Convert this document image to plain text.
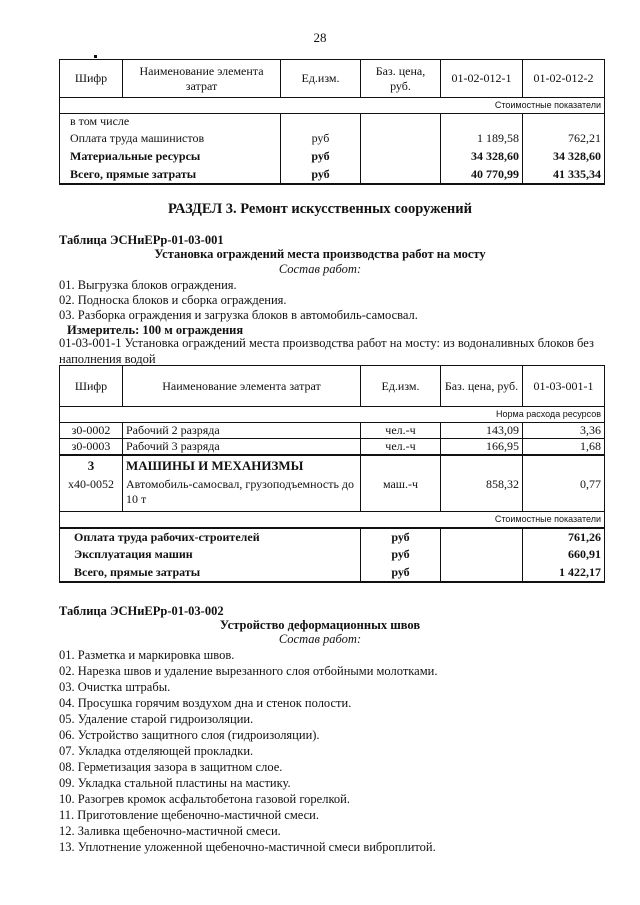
28
Шифр	Наименование элемента затрат	Ед.изм.	Баз. цена, руб.	01-02-012-1	01-02-012-2
Стоимостные показатели					
в том числе					
Оплата труда машинистов		руб		1 189,58	762,21
Материальные ресурсы		руб		34 328,60	34 328,60
Всего, прямые затраты		руб		40 770,99	41 335,34
РАЗДЕЛ 3. Ремонт искусственных сооружений
Таблица ЭСНиЕРр-01-03-001
Установка ограждений места производства работ на мосту
Состав работ:
01. Выгрузка блоков ограждения.
02. Подноска блоков и сборка ограждения.
03. Разборка ограждения и загрузка блоков в автомобиль-самосвал.
Измеритель: 100 м ограждения
01-03-001-1 Установка ограждений места производства работ на мосту: из водоналивных блоков без наполнения водой
Шифр	Наименование элемента затрат	Ед.изм.	Баз. цена, руб.	01-03-001-1
Норма расхода ресурсов				
з0-0002	Рабочий 2 разряда	чел.-ч	143,09	3,36
з0-0003	Рабочий 3 разряда	чел.-ч	166,95	1,68
3	МАШИНЫ И МЕХАНИЗМЫ			
х40-0052	Автомобиль-самосвал, грузоподъемность до 10 т	маш.-ч	858,32	0,77
Стоимостные показатели				
Оплата труда рабочих-строителей		руб		761,26
Эксплуатация машин		руб		660,91
Всего, прямые затраты		руб		1 422,17
Таблица ЭСНиЕРр-01-03-002
Устройство деформационных швов
Состав работ:
01. Разметка и маркировка швов.
02. Нарезка швов и удаление вырезанного слоя отбойными молотками.
03. Очистка штрабы.
04. Просушка горячим воздухом дна и стенок полости.
05. Удаление старой гидроизоляции.
06. Устройство защитного слоя (гидроизоляции).
07. Укладка отделяющей прокладки.
08. Герметизация зазора в защитном слое.
09. Укладка стальной пластины на мастику.
10. Разогрев кромок асфальтобетона газовой горелкой.
11. Приготовление щебеночно-мастичной смеси.
12. Заливка щебеночно-мастичной смеси.
13. Уплотнение уложенной щебеночно-мастичной смеси виброплитой.
